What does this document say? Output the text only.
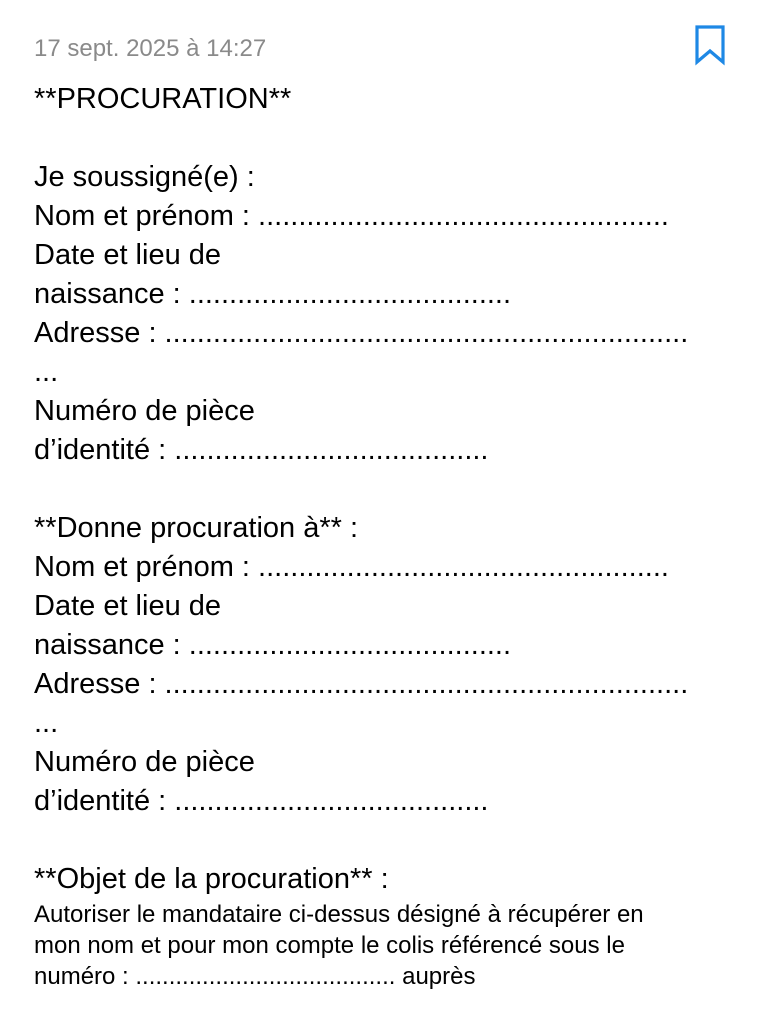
17 sept. 2025 à 14:27
**PROCURATION**
Je soussigné(e) :
Nom et prénom : ...................................................
Date et lieu de
naissance : ........................................
Adresse : .................................................................
...
Numéro de pièce
d’identité : .......................................
**Donne procuration à** :
Nom et prénom : ...................................................
Date et lieu de
naissance : ........................................
Adresse : .................................................................
...
Numéro de pièce
d’identité : .......................................
**Objet de la procuration** :
Autoriser le mandataire ci-dessus désigné à récupérer en
mon nom et pour mon compte le colis référencé sous le
numéro : ....................................... auprès
